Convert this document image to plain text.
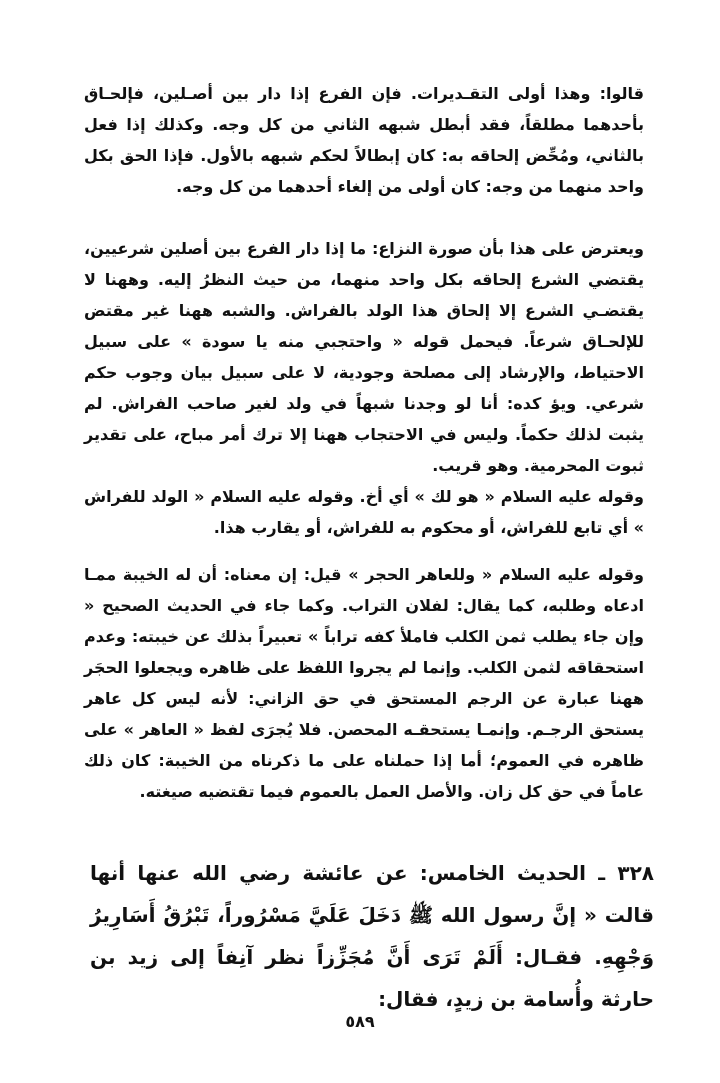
قالوا: وهذا أولى التقـديرات. فإن الفرع إذا دار بين أصـلين، فإلحـاق بأحدهما مطلقاً، فقد أبطل شبهه الثاني من كل وجه. وكذلك إذا فعل بالثاني، ومُحِّض إلحاقه به: كان إبطالاً لحكم شبهه بالأول. فإذا الحق بكل واحد منهما من وجه: كان أولى من إلغاء أحدهما من كل وجه.

ويعترض على هذا بأن صورة النزاع: ما إذا دار الفرع بين أصلين شرعيين، يقتضي الشرع إلحاقه بكل واحد منهما، من حيث النظرُ إليه. وههنا لا يقتضـي الشرع إلا إلحاق هذا الولد بالفراش. والشبه ههنا غير مقتض للإلحـاق شرعاً. فيحمل قوله « واحتجبي منه يا سودة » على سبيل الاحتياط، والإرشاد إلى مصلحة وجودية، لا على سبيل بيان وجوب حكم شرعي. ويؤ كده: أنا لو وجدنا شبهاً في ولد لغير صاحب الفراش. لم يثبت لذلك حكماً. وليس في الاحتجاب ههنا إلا ترك أمر مباح، على تقدير ثبوت المحرمية. وهو قريب.

وقوله عليه السلام « هو لك » أي أخ. وقوله عليه السلام « الولد للفراش » أي تابع للفراش، أو محكوم به للفراش، أو يقارب هذا.

وقوله عليه السلام « وللعاهر الحجر » قيل: إن معناه: أن له الخيبة ممـا ادعاه وطلبه، كما يقال: لفلان التراب. وكما جاء في الحديث الصحيح « وإن جاء يطلب ثمن الكلب فاملأ كفه تراباً » تعبيراً بذلك عن خيبته: وعدم استحقاقه لثمن الكلب. وإنما لم يجروا اللفظ على ظاهره ويجعلوا الحجَر ههنا عبارة عن الرجم المستحق في حق الزاني: لأنه ليس كل عاهر يستحق الرجـم. وإنمـا يستحقـه المحصن. فلا يُجرَى لفظ « العاهر » على ظاهره في العموم؛ أما إذا حملناه على ما ذكرناه من الخيبة: كان ذلك عاماً في حق كل زان. والأصل العمل بالعموم فيما تقتضيه صيغته.

٣٢٨ ـ الحديث الخامس: عن عائشة رضي الله عنها أنها قالت « إنَّ رسول الله ﷺ دَخَلَ عَلَيَّ مَسْرُوراً، تَبْرُقُ أَسَارِيرُ وَجْهِهِ. فقـال: أَلَمْ تَرَى أَنَّ مُجَزِّزاً نظر آنِفاً إلى زيد بن حارثة وأُسامة بن زيدٍ، فقال:

٥٨٩
